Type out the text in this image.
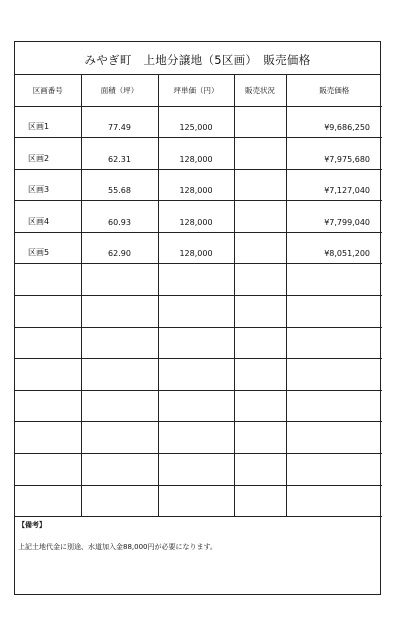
みやぎ町　上地分譲地（5区画）　販売価格
区画番号	面積（坪）	坪単価（円）	販売状況	販売価格
区画1	77.49	125,000		¥9,686,250
区画2	62.31	128,000		¥7,975,680
区画3	55.68	128,000		¥7,127,040
区画4	60.93	128,000		¥7,799,040
区画5	62.90	128,000		¥8,051,200

【備考】
上記土地代金に別途、水道加入金88,000円が必要になります。
